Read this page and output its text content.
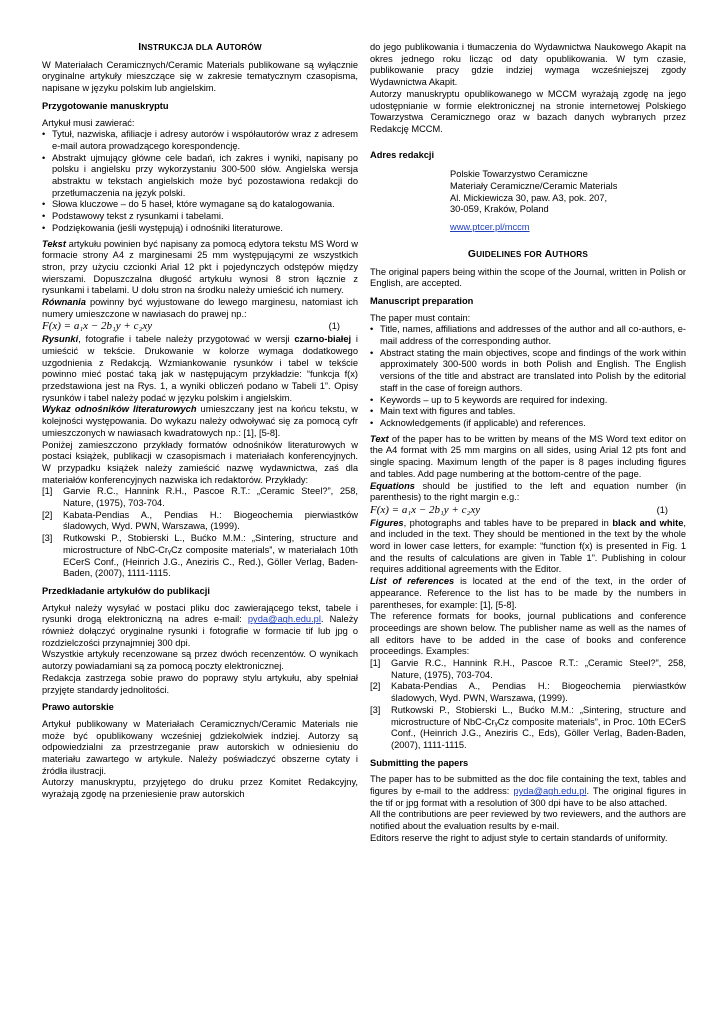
INSTRUKCJA DLA AUTORÓW

W Materiałach Ceramicznych/Ceramic Materials publikowane są wyłącznie oryginalne artykuły mieszczące się w zakresie tematycznym czasopisma, napisane w języku polskim lub angielskim.

Przygotowanie manuskryptu

Artykuł musi zawierać:

• Tytuł, nazwiska, afiliacje i adresy autorów i współautorów wraz z adresem e-mail autora prowadzącego korespondencję.
• Abstrakt ujmujący główne cele badań, ich zakres i wyniki, napisany po polsku i angielsku przy wykorzystaniu 300-500 słów. Angielska wersja abstraktu w tekstach angielskich może być pozostawiona redakcji do przetłumaczenia na język polski.
• Słowa kluczowe – do 5 haseł, które wymagane są do katalogowania.
• Podstawowy tekst z rysunkami i tabelami.
• Podziękowania (jeśli występują) i odnośniki literaturowe.

Tekst artykułu powinien być napisany za pomocą edytora tekstu MS Word w formacie strony A4 z marginesami 25 mm występującymi ze wszystkich stron, przy użyciu czcionki Arial 12 pkt i pojedynczych odstępów między wierszami. Dopuszczalna długość artykułu wynosi 8 stron łącznie z rysunkami i tabelami. U dołu stron na środku należy umieścić ich numery.

Równania powinny być wyjustowane do lewego marginesu, natomiast ich numery umieszczone w nawiasach do prawej np.:

F(x) = a₁x − 2b₁y + c₂xy	(1)

Rysunki, fotografie i tabele należy przygotować w wersji czarno-białej i umieścić w tekście. Drukowanie w kolorze wymaga dodatkowego uzgodnienia z Redakcją. Wzmiankowanie rysunków i tabel w tekście powinno mieć postać taką jak w następującym przykładzie: “funkcja f(x) przedstawiona jest na Rys. 1, a wyniki obliczeń podano w Tabeli 1”. Opisy rysunków i tabel należy podać w języku polskim i angielskim.

Wykaz odnośników literaturowych umieszczany jest na końcu tekstu, w kolejności występowania. Do wykazu należy odwoływać się za pomocą cyfr umieszczonych w nawiasach kwadratowych np.: [1], [5-8].

Poniżej zamieszczono przykłady formatów odnośników literaturowych w postaci książek, publikacji w czasopismach i materiałach konferencyjnych. W przypadku książek należy zamieścić nazwę wydawnictwa, zaś dla materiałów konferencyjnych nazwiska ich redaktorów. Przykłady:

[1] Garvie R.C., Hannink R.H., Pascoe R.T.: „Ceramic Steel?”, 258, Nature, (1975), 703-704.
[2] Kabata-Pendias A., Pendias H.: Biogeochemia pierwiastków śladowych, Wyd. PWN, Warszawa, (1999).
[3] Rutkowski P., Stobierski L., Bućko M.M.: „Sintering, structure and microstructure of NbC-CrᵧCz composite materials”, w materiałach 10th ECerS Conf., (Heinrich J.G., Aneziris C., Red.), Göller Verlag, Baden-Baden, (2007), 1111-1115.
Przedkładanie artykułów do publikacji

Artykuł należy wysyłać w postaci pliku doc zawierającego tekst, tabele i rysunki drogą elektroniczną na adres e-mail: pyda@agh.edu.pl. Należy również dołączyć oryginalne rysunki i fotografie w formacie tif lub jpg o rozdzielczości przynajmniej 300 dpi.

Wszystkie artykuły recenzowane są przez dwóch recenzentów. O wynikach autorzy powiadamiani są za pomocą poczty elektronicznej.

Redakcja zastrzega sobie prawo do poprawy stylu artykułu, aby spełniał przyjęte standardy jednolitości.

Prawo autorskie

Artykuł publikowany w Materiałach Ceramicznych/Ceramic Materials nie może być opublikowany wcześniej gdziekolwiek indziej. Autorzy są odpowiedzialni za przestrzeganie praw autorskich w odniesieniu do materiału zawartego w artykule. Należy poświadczyć obszerne cytaty i źródła ilustracji.

Autorzy manuskryptu, przyjętego do druku przez Komitet Redakcyjny, wyrażają zgodę na przeniesienie praw autorskich

do jego publikowania i tłumaczenia do Wydawnictwa Naukowego Akapit na okres jednego roku licząc od daty opublikowania. W tym czasie, publikowanie pracy gdzie indziej wymaga wcześniejszej zgody Wydawnictwa Akapit.

Autorzy manuskryptu opublikowanego w MCCM wyrażają zgodę na jego udostępnianie w formie elektronicznej na stronie internetowej Polskiego Towarzystwa Ceramicznego oraz w bazach danych wybranych przez Redakcję MCCM.

Adres redakcji
Polskie Towarzystwo Ceramiczne
Materiały Ceramiczne/Ceramic Materials
Al. Mickiewicza 30, paw. A3, pok. 207,
30-059, Kraków, Poland
www.ptcer.pl/mccm
GUIDELINES FOR AUTHORS

The original papers being within the scope of the Journal, written in Polish or English, are accepted.

Manuscript preparation

The paper must contain:

• Title, names, affiliations and addresses of the author and all co-authors, e-mail address of the corresponding author.
• Abstract stating the main objectives, scope and findings of the work within approximately 300-500 words in both Polish and English. The English versions of the title and abstract are translated into Polish by the editorial staff in the case of foreign authors.
• Keywords – up to 5 keywords are required for indexing.
• Main text with figures and tables.
• Acknowledgements (if applicable) and references.

Text of the paper has to be written by means of the MS Word text editor on the A4 format with 25 mm margins on all sides, using Arial 12 pts font and single spacing. Maximum length of the paper is 8 pages including figures and tables. Add page numbering at the bottom-centre of the page.

Equations should be justified to the left and equation number (in parenthesis) to the right margin e.g.:

F(x) = a₁x − 2b₁y + c₂xy	(1)

Figures, photographs and tables have to be prepared in black and white, and included in the text. They should be mentioned in the text by the whole word in lower case letters, for example: “function f(x) is presented in Fig. 1 and the results of calculations are given in Table 1”. Publishing in colour requires additional agreements with the Editor.

List of references is located at the end of the text, in the order of appearance. Reference to the list has to be made by the numbers in parentheses, for example: [1], [5-8].

The reference formats for books, journal publications and conference proceedings are shown below. The publisher name as well as the names of all editors have to be added in the case of books and conference proceedings. Examples:

[1] Garvie R.C., Hannink R.H., Pascoe R.T.: „Ceramic Steel?”, 258, Nature, (1975), 703-704.
[2] Kabata-Pendias A., Pendias H.: Biogeochemia pierwiastków śladowych, Wyd. PWN, Warszawa, (1999).
[3] Rutkowski P., Stobierski L., Bućko M.M.: „Sintering, structure and microstructure of NbC-CrᵧCz composite materials”, in Proc. 10th ECerS Conf., (Heinrich J.G., Aneziris C., Eds), Göller Verlag, Baden-Baden, (2007), 1111-1115.
Submitting the papers

The paper has to be submitted as the doc file containing the text, tables and figures by e-mail to the address: pyda@agh.edu.pl. The original figures in the tif or jpg format with a resolution of 300 dpi have to be also attached.

All the contributions are peer reviewed by two reviewers, and the authors are notified about the evaluation results by e-mail.

Editors reserve the right to adjust style to certain standards of uniformity.
